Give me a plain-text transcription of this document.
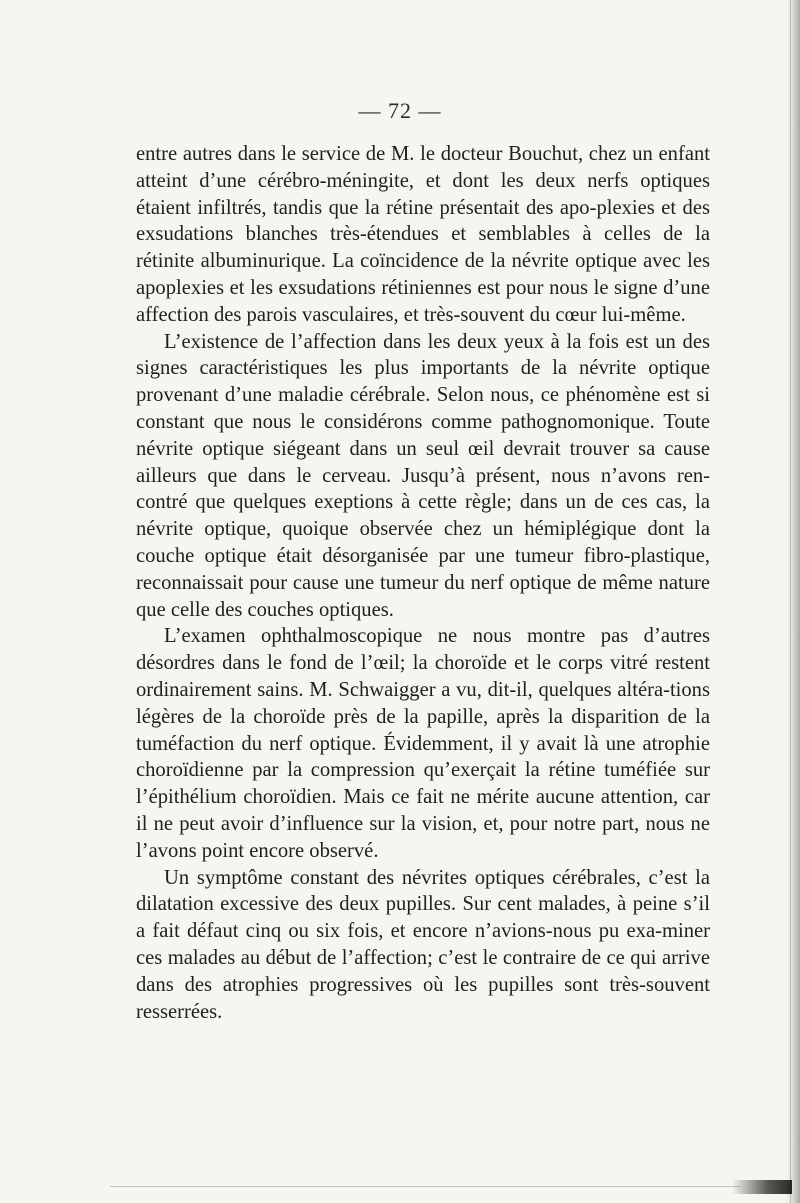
— 72 —

entre autres dans le service de M. le docteur Bouchut, chez un enfant atteint d’une cérébro-méningite, et dont les deux nerfs optiques étaient infiltrés, tandis que la rétine présentait des apo-plexies et des exsudations blanches très-étendues et semblables à celles de la rétinite albuminurique. La coïncidence de la névrite optique avec les apoplexies et les exsudations rétiniennes est pour nous le signe d’une affection des parois vasculaires, et très-souvent du cœur lui-même.

L’existence de l’affection dans les deux yeux à la fois est un des signes caractéristiques les plus importants de la névrite optique provenant d’une maladie cérébrale. Selon nous, ce phénomène est si constant que nous le considérons comme pathognomonique. Toute névrite optique siégeant dans un seul œil devrait trouver sa cause ailleurs que dans le cerveau. Jusqu’à présent, nous n’avons ren-contré que quelques exeptions à cette règle; dans un de ces cas, la névrite optique, quoique observée chez un hémiplégique dont la couche optique était désorganisée par une tumeur fibro-plastique, reconnaissait pour cause une tumeur du nerf optique de même nature que celle des couches optiques.

L’examen ophthalmoscopique ne nous montre pas d’autres désordres dans le fond de l’œil; la choroïde et le corps vitré restent ordinairement sains. M. Schwaigger a vu, dit-il, quelques altéra-tions légères de la choroïde près de la papille, après la disparition de la tuméfaction du nerf optique. Évidemment, il y avait là une atrophie choroïdienne par la compression qu’exerçait la rétine tuméfiée sur l’épithélium choroïdien. Mais ce fait ne mérite aucune attention, car il ne peut avoir d’influence sur la vision, et, pour notre part, nous ne l’avons point encore observé.

Un symptôme constant des névrites optiques cérébrales, c’est la dilatation excessive des deux pupilles. Sur cent malades, à peine s’il a fait défaut cinq ou six fois, et encore n’avions-nous pu exa-miner ces malades au début de l’affection; c’est le contraire de ce qui arrive dans des atrophies progressives où les pupilles sont très-souvent resserrées.
